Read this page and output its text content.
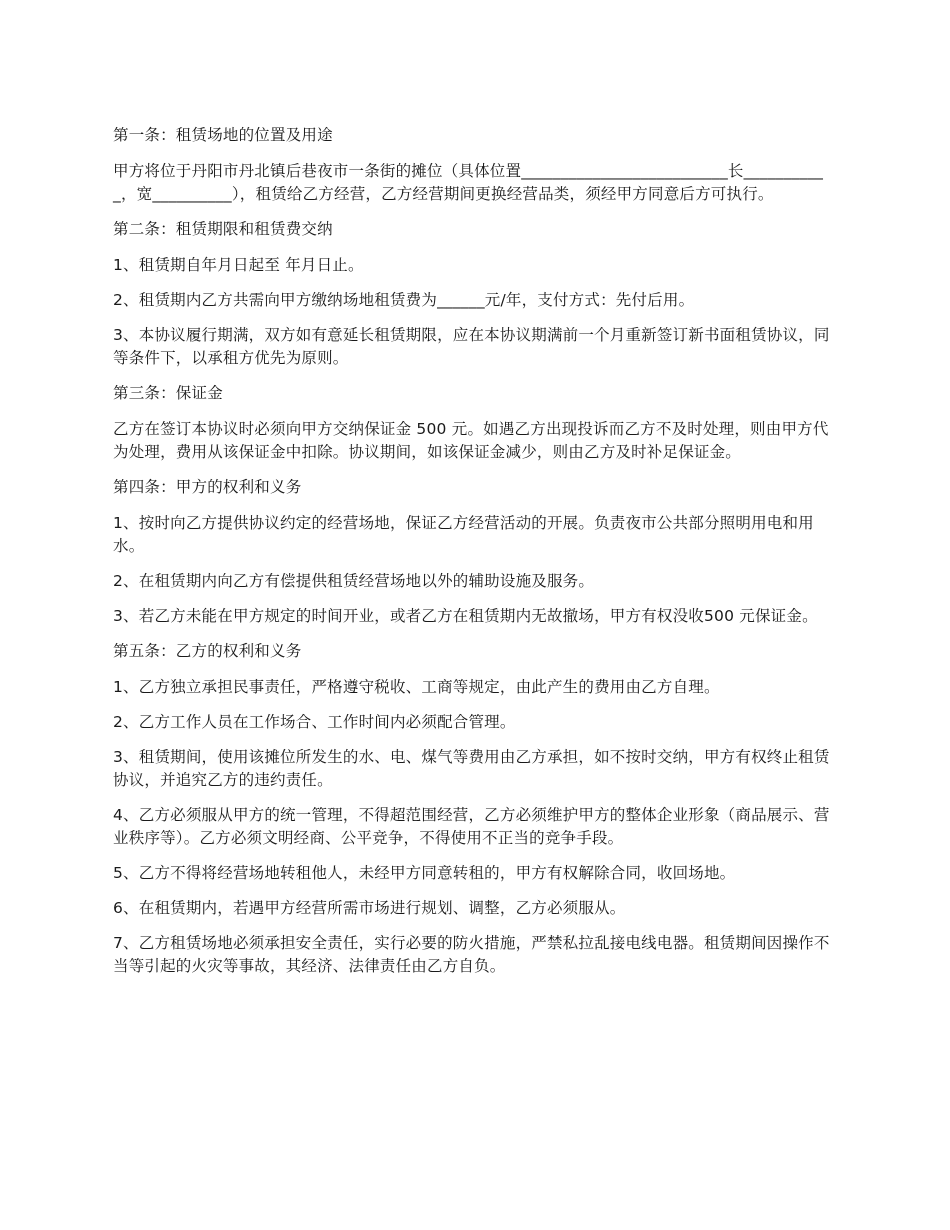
第一条：租赁场地的位置及用途

甲方将位于丹阳市丹北镇后巷夜市一条街的摊位（具体位置__________________________长___________，宽__________），租赁给乙方经营，乙方经营期间更换经营品类，须经甲方同意后方可执行。

第二条：租赁期限和租赁费交纳

1、租赁期自年月日起至 年月日止。

2、租赁期内乙方共需向甲方缴纳场地租赁费为______元/年，支付方式：先付后用。

3、本协议履行期满，双方如有意延长租赁期限，应在本协议期满前一个月重新签订新书面租赁协议，同等条件下，以承租方优先为原则。

第三条：保证金

乙方在签订本协议时必须向甲方交纳保证金 500 元。如遇乙方出现投诉而乙方不及时处理，则由甲方代为处理，费用从该保证金中扣除。协议期间，如该保证金减少，则由乙方及时补足保证金。

第四条：甲方的权利和义务

1、按时向乙方提供协议约定的经营场地，保证乙方经营活动的开展。负责夜市公共部分照明用电和用水。

2、在租赁期内向乙方有偿提供租赁经营场地以外的辅助设施及服务。

3、若乙方未能在甲方规定的时间开业，或者乙方在租赁期内无故撤场，甲方有权没收500 元保证金。

第五条：乙方的权利和义务

1、乙方独立承担民事责任，严格遵守税收、工商等规定，由此产生的费用由乙方自理。

2、乙方工作人员在工作场合、工作时间内必须配合管理。

3、租赁期间，使用该摊位所发生的水、电、煤气等费用由乙方承担，如不按时交纳，甲方有权终止租赁协议，并追究乙方的违约责任。

4、乙方必须服从甲方的统一管理，不得超范围经营，乙方必须维护甲方的整体企业形象（商品展示、营业秩序等）。乙方必须文明经商、公平竞争，不得使用不正当的竞争手段。

5、乙方不得将经营场地转租他人，未经甲方同意转租的，甲方有权解除合同，收回场地。

6、在租赁期内，若遇甲方经营所需市场进行规划、调整，乙方必须服从。

7、乙方租赁场地必须承担安全责任，实行必要的防火措施，严禁私拉乱接电线电器。租赁期间因操作不当等引起的火灾等事故，其经济、法律责任由乙方自负。
